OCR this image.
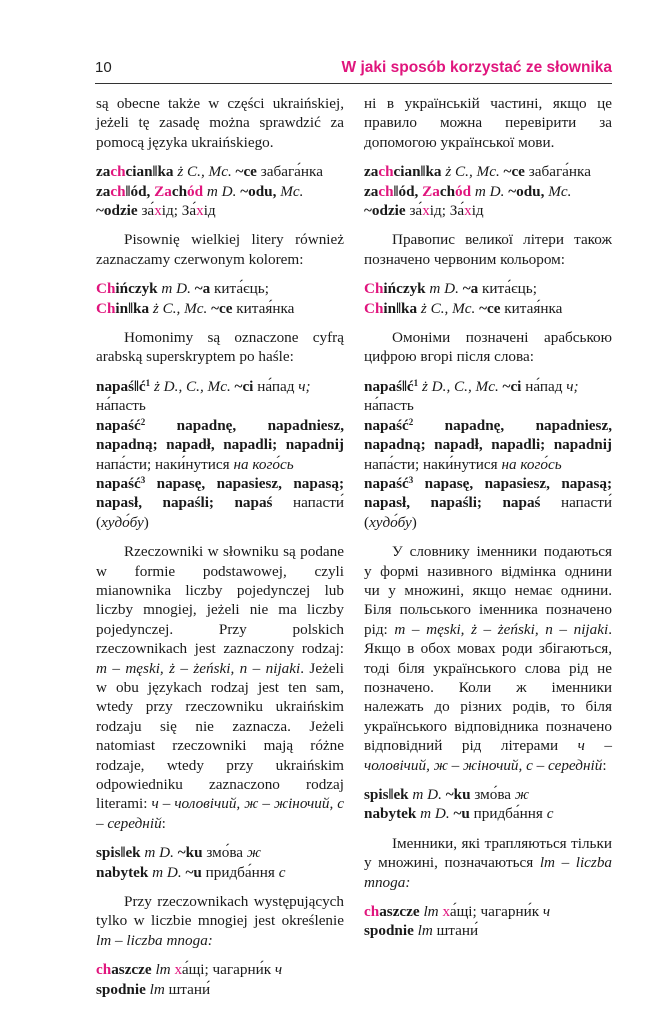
10	W jaki sposób korzystać ze słownika

są obecne także w części ukraińskiej, jeżeli tę zasadę można sprawdzić za pomocą języka ukraińskiego.

zachcian‖ka ż C., Mc. ~ce забага́нка

zach‖ód, Zachód m D. ~odu, Mc.

~odzie за́хід; За́хід

Pisownię wielkiej litery również zaznaczamy czerwonym kolorem:

Chińczyk m D. ~a кита́єць;

Chin‖ka ż C., Mc. ~ce китая́нка

Homonimy są oznaczone cyfrą arabską superskryptem po haśle:

$napaś‖ć^1$ ż D., C., Mc. ~ci на́пад ч;

на́пасть

napaść$^2$ napadnę, napadniesz, napadną; napadł, napadli; napadnij напа́сти; наки́нутися на кого́сь

napaść$^3$ napasę, napasiesz, napasą; napasł, napaśli; napaś напасти́ (худо́бу)

Rzeczowniki w słowniku są podane w formie podstawowej, czyli mianownika liczby pojedynczej lub liczby mnogiej, jeżeli nie ma liczby pojedynczej. Przy polskich rzeczownikach jest zaznaczony rodzaj: m – męski, ż – żeński, n – nijaki. Jeżeli w obu językach rodzaj jest ten sam, wtedy przy rzeczowniku ukraińskim rodzaju się nie zaznacza. Jeżeli natomiast rzeczowniki mają różne rodzaje, wtedy przy ukraińskim odpowiedniku zaznaczono rodzaj literami: ч – чоловічий, ж – жіночий, с – середній:

spis‖ek m D. ~ku змо́ва ж

nabytek m D. ~u придба́ння с

Przy rzeczownikach występujących tylko w liczbie mnogiej jest określenie lm – liczba mnoga:

chaszcze lm ха́щі; чагарни́к ч

spodnie lm штани́

ні в українській частині, якщо це правило можна перевірити за допомогою української мови.

zachcian‖ka ż C., Mc. ~ce забага́нка

zach‖ód, Zachód m D. ~odu, Mc.

~odzie за́хід; За́хід

Правопис великої літери також позначено червоним кольором:

Chińczyk m D. ~a кита́єць;

Chin‖ka ż C., Mc. ~ce китая́нка

Омоніми позначені арабською цифрою вгорі після слова:

$napaś‖ć^1$ ż D., C., Mc. ~ci на́пад ч;

на́пасть

napaść$^2$ napadnę, napadniesz, napadną; napadł, napadli; napadnij напа́сти; наки́нутися на кого́сь

napaść$^3$ napasę, napasiesz, napasą; napasł, napaśli; napaś напасти́ (худо́бу)

У словнику іменники подаються у формі називного відмінка однини чи у множині, якщо немає однини. Біля польського іменника позначено рід: m – męski, ż – żeński, n – nijaki. Якщо в обох мовах роди збігаються, тоді біля українського слова рід не позначено. Коли ж іменники належать до різних родів, то біля українського відповідника позначено відповідний рід літерами ч – чоловічий, ж – жіночий, с – середній:

spis‖ek m D. ~ku змо́ва ж

nabytek m D. ~u придба́ння с

Іменники, які трапляються тільки у множині, позначаються lm – liczba mnoga:

chaszcze lm ха́щі; чагарни́к ч

spodnie lm штани́
